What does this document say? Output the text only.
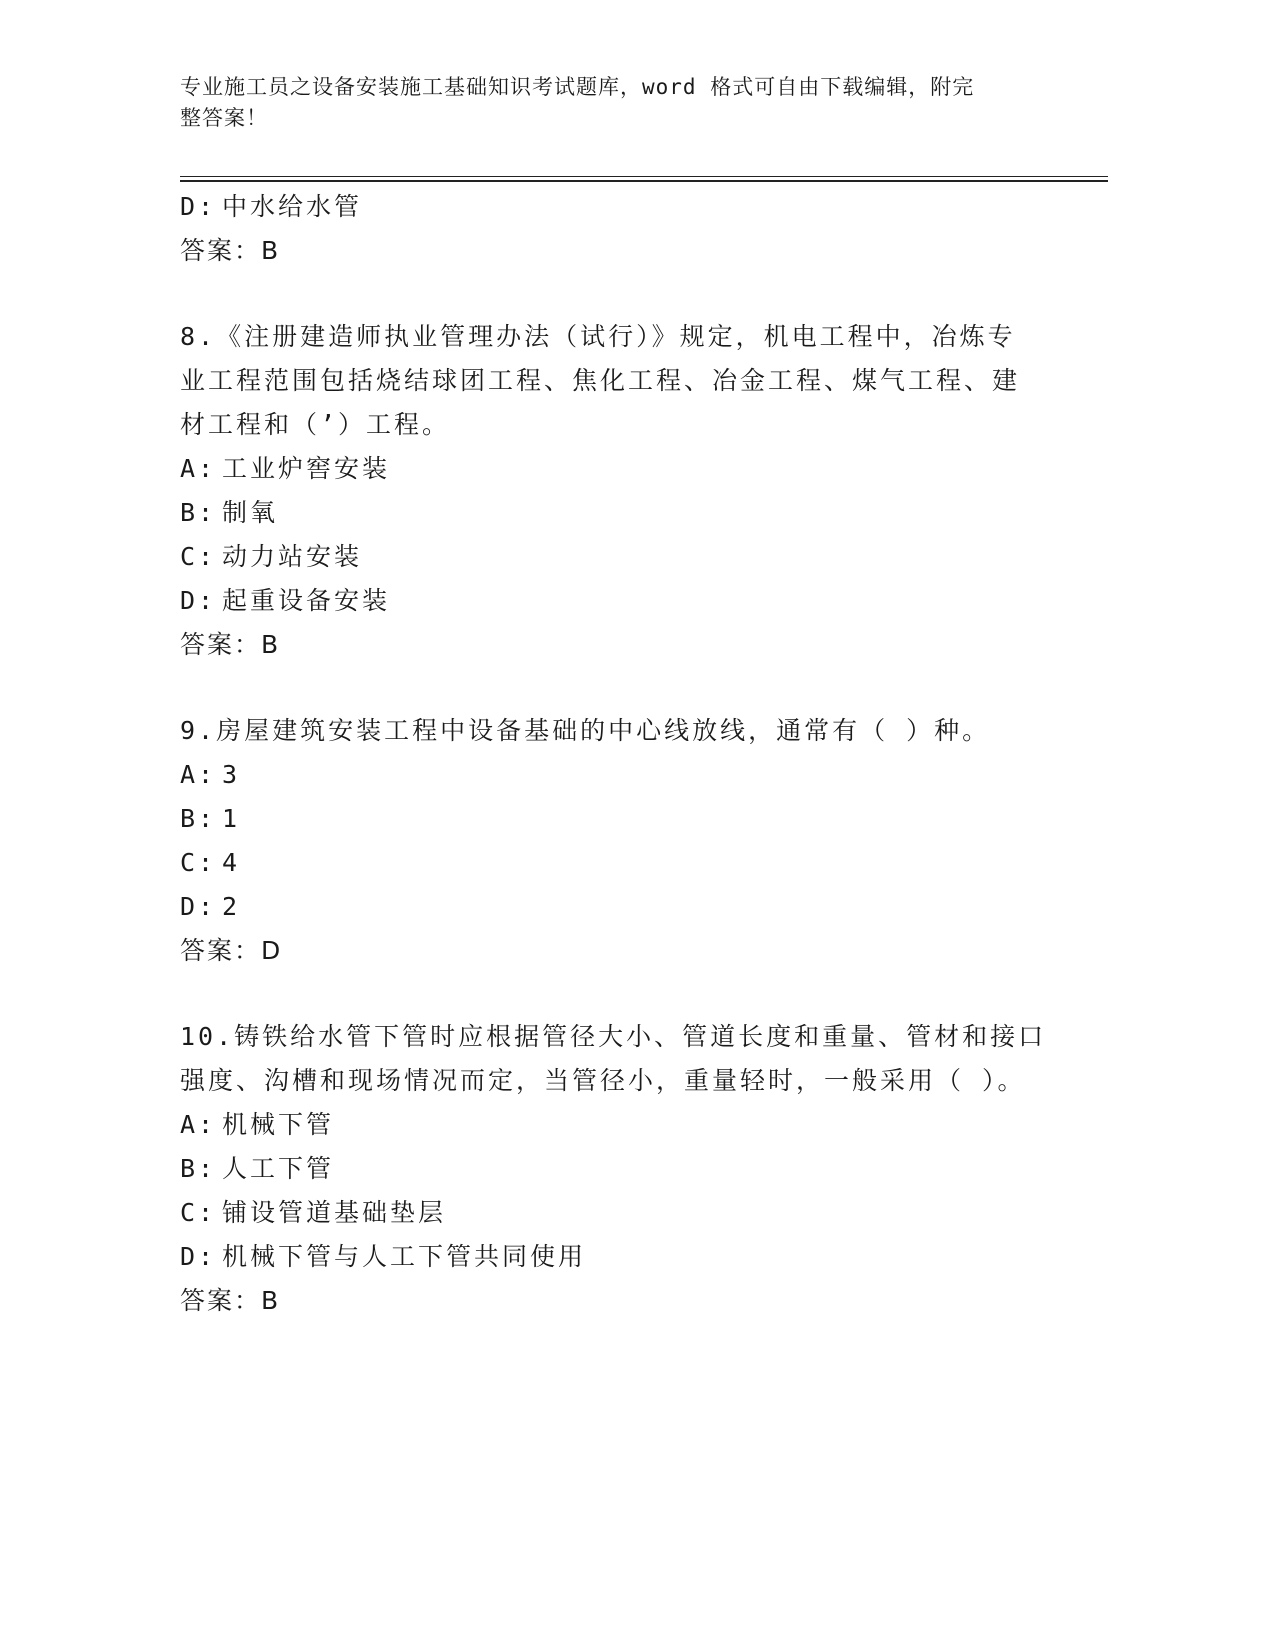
专业施工员之设备安装施工基础知识考试题库，word 格式可自由下载编辑，附完
整答案！
D: 中水给水管
答案：B
8.《注册建造师执业管理办法（试行）》规定，机电工程中，冶炼专
业工程范围包括烧结球团工程、焦化工程、冶金工程、煤气工程、建
材工程和（’）工程。
A: 工业炉窖安装
B: 制氧
C: 动力站安装
D: 起重设备安装
答案：B
9.房屋建筑安装工程中设备基础的中心线放线，通常有（ ）种。
A: 3
B: 1
C: 4
D: 2
答案：D
10.铸铁给水管下管时应根据管径大小、管道长度和重量、管材和接口
强度、沟槽和现场情况而定，当管径小，重量轻时，一般采用（ ）。
A: 机械下管
B: 人工下管
C: 铺设管道基础垫层
D: 机械下管与人工下管共同使用
答案：B
